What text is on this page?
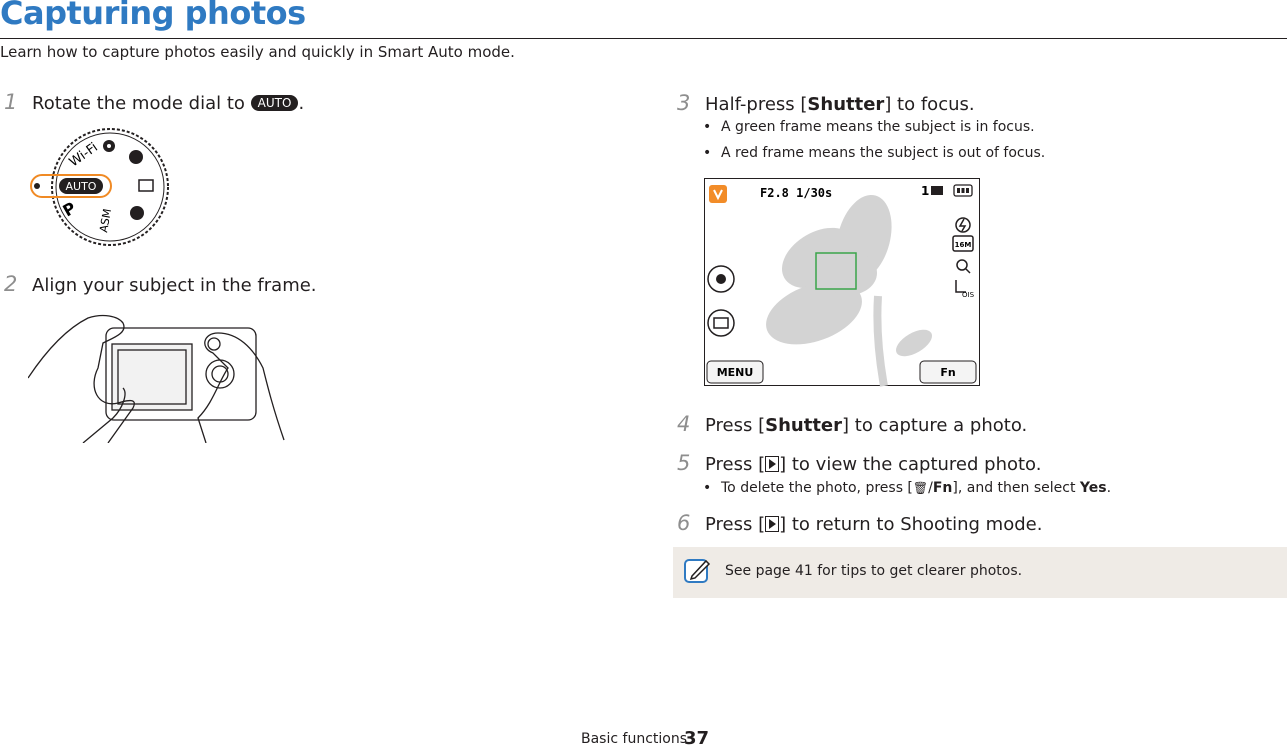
Capturing photos
Learn how to capture photos easily and quickly in Smart Auto mode.
1 Rotate the mode dial to AUTO .
Wi-Fi
P ASM
AUTO
2 Align your subject in the frame.
3 Half-press [Shutter] to focus.
• A green frame means the subject is in focus.
• A red frame means the subject is out of focus.
F2.8 1/30s	1
16M
OIS
MENU	Fn
4 Press [Shutter] to capture a photo.
5 Press [ ] to view the captured photo.
• To delete the photo, press [🗑/Fn], and then select Yes.
6 Press [ ] to return to Shooting mode.
See page 41 for tips to get clearer photos.
Basic functions
37
